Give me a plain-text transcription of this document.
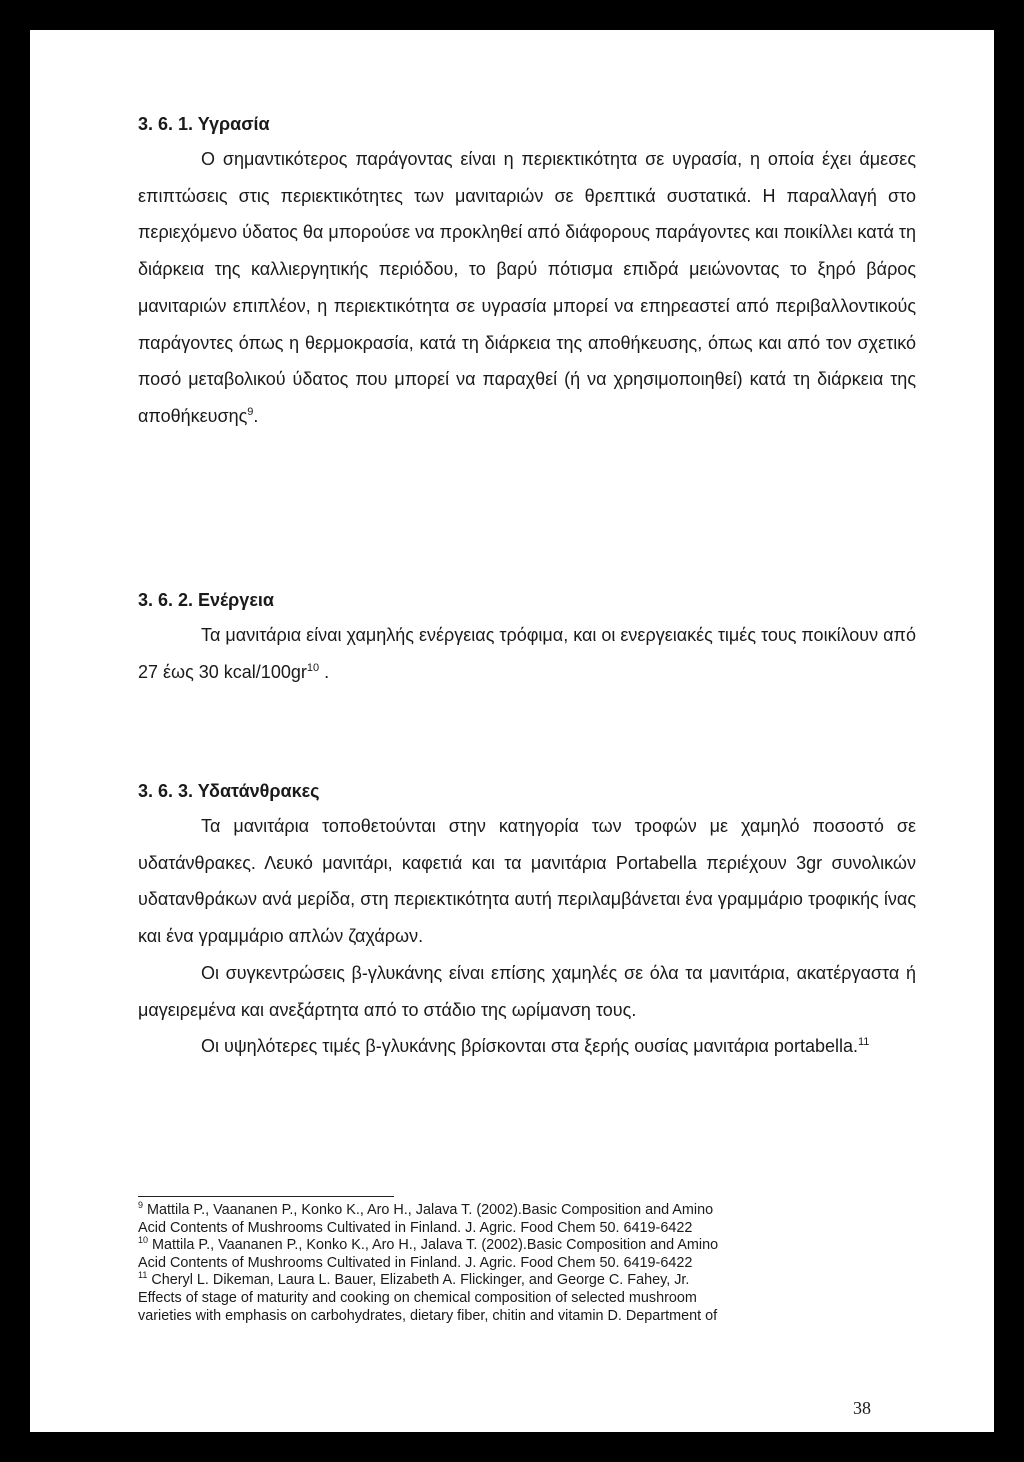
3. 6. 1. Υγρασία

Ο σημαντικότερος παράγοντας είναι η περιεκτικότητα σε υγρασία, η οποία έχει άμεσες επιπτώσεις στις περιεκτικότητες των μανιταριών σε θρεπτικά συστατικά. Η παραλλαγή στο περιεχόμενο ύδατος θα μπορούσε να προκληθεί από διάφορους παράγοντες και ποικίλλει κατά τη διάρκεια της καλλιεργητικής περιόδου, το βαρύ πότισμα επιδρά μειώνοντας το ξηρό βάρος μανιταριών επιπλέον, η περιεκτικότητα σε υγρασία μπορεί να επηρεαστεί από περιβαλλοντικούς παράγοντες όπως η θερμοκρασία, κατά τη διάρκεια της αποθήκευσης, όπως και από τον σχετικό ποσό μεταβολικού ύδατος που μπορεί να παραχθεί (ή να χρησιμοποιηθεί) κατά τη διάρκεια της αποθήκευσης$^9$.

3. 6. 2. Ενέργεια

Τα μανιτάρια είναι χαμηλής ενέργειας τρόφιμα, και οι ενεργειακές τιμές τους ποικίλουν από 27 έως 30 kcal/$100gr^{10}$ .

3. 6. 3. Υδατάνθρακες

Τα μανιτάρια τοποθετούνται στην κατηγορία των τροφών με χαμηλό ποσοστό σε υδατάνθρακες. Λευκό μανιτάρι, καφετιά και τα μανιτάρια Portabella περιέχουν 3gr συνολικών υδατανθράκων ανά μερίδα, στη περιεκτικότητα αυτή περιλαμβάνεται ένα γραμμάριο τροφικής ίνας και ένα γραμμάριο απλών ζαχάρων.

Οι συγκεντρώσεις β-γλυκάνης είναι επίσης χαμηλές σε όλα τα μανιτάρια, ακατέργαστα ή μαγειρεμένα και ανεξάρτητα από το στάδιο της ωρίμανση τους.

Οι υψηλότερες τιμές β-γλυκάνης βρίσκονται στα ξερής ουσίας μανιτάρια portabella.$^{11}$

$^9$ Mattila P., Vaananen P., Konko K., Aro H., Jalava T. (2002).Basic Composition and Amino
Acid Contents of Mushrooms Cultivated in Finland. J. Agric. Food Chem 50. 6419-6422

$^{10}$ Mattila P., Vaananen P., Konko K., Aro H., Jalava T. (2002).Basic Composition and Amino
Acid Contents of Mushrooms Cultivated in Finland. J. Agric. Food Chem 50. 6419-6422

$^{11}$ Cheryl L. Dikeman, Laura L. Bauer, Elizabeth A. Flickinger, and George C. Fahey, Jr.
Effects of stage of maturity and cooking on chemical composition of selected mushroom
varieties with emphasis on carbohydrates, dietary fiber, chitin and vitamin D. Department of

38
